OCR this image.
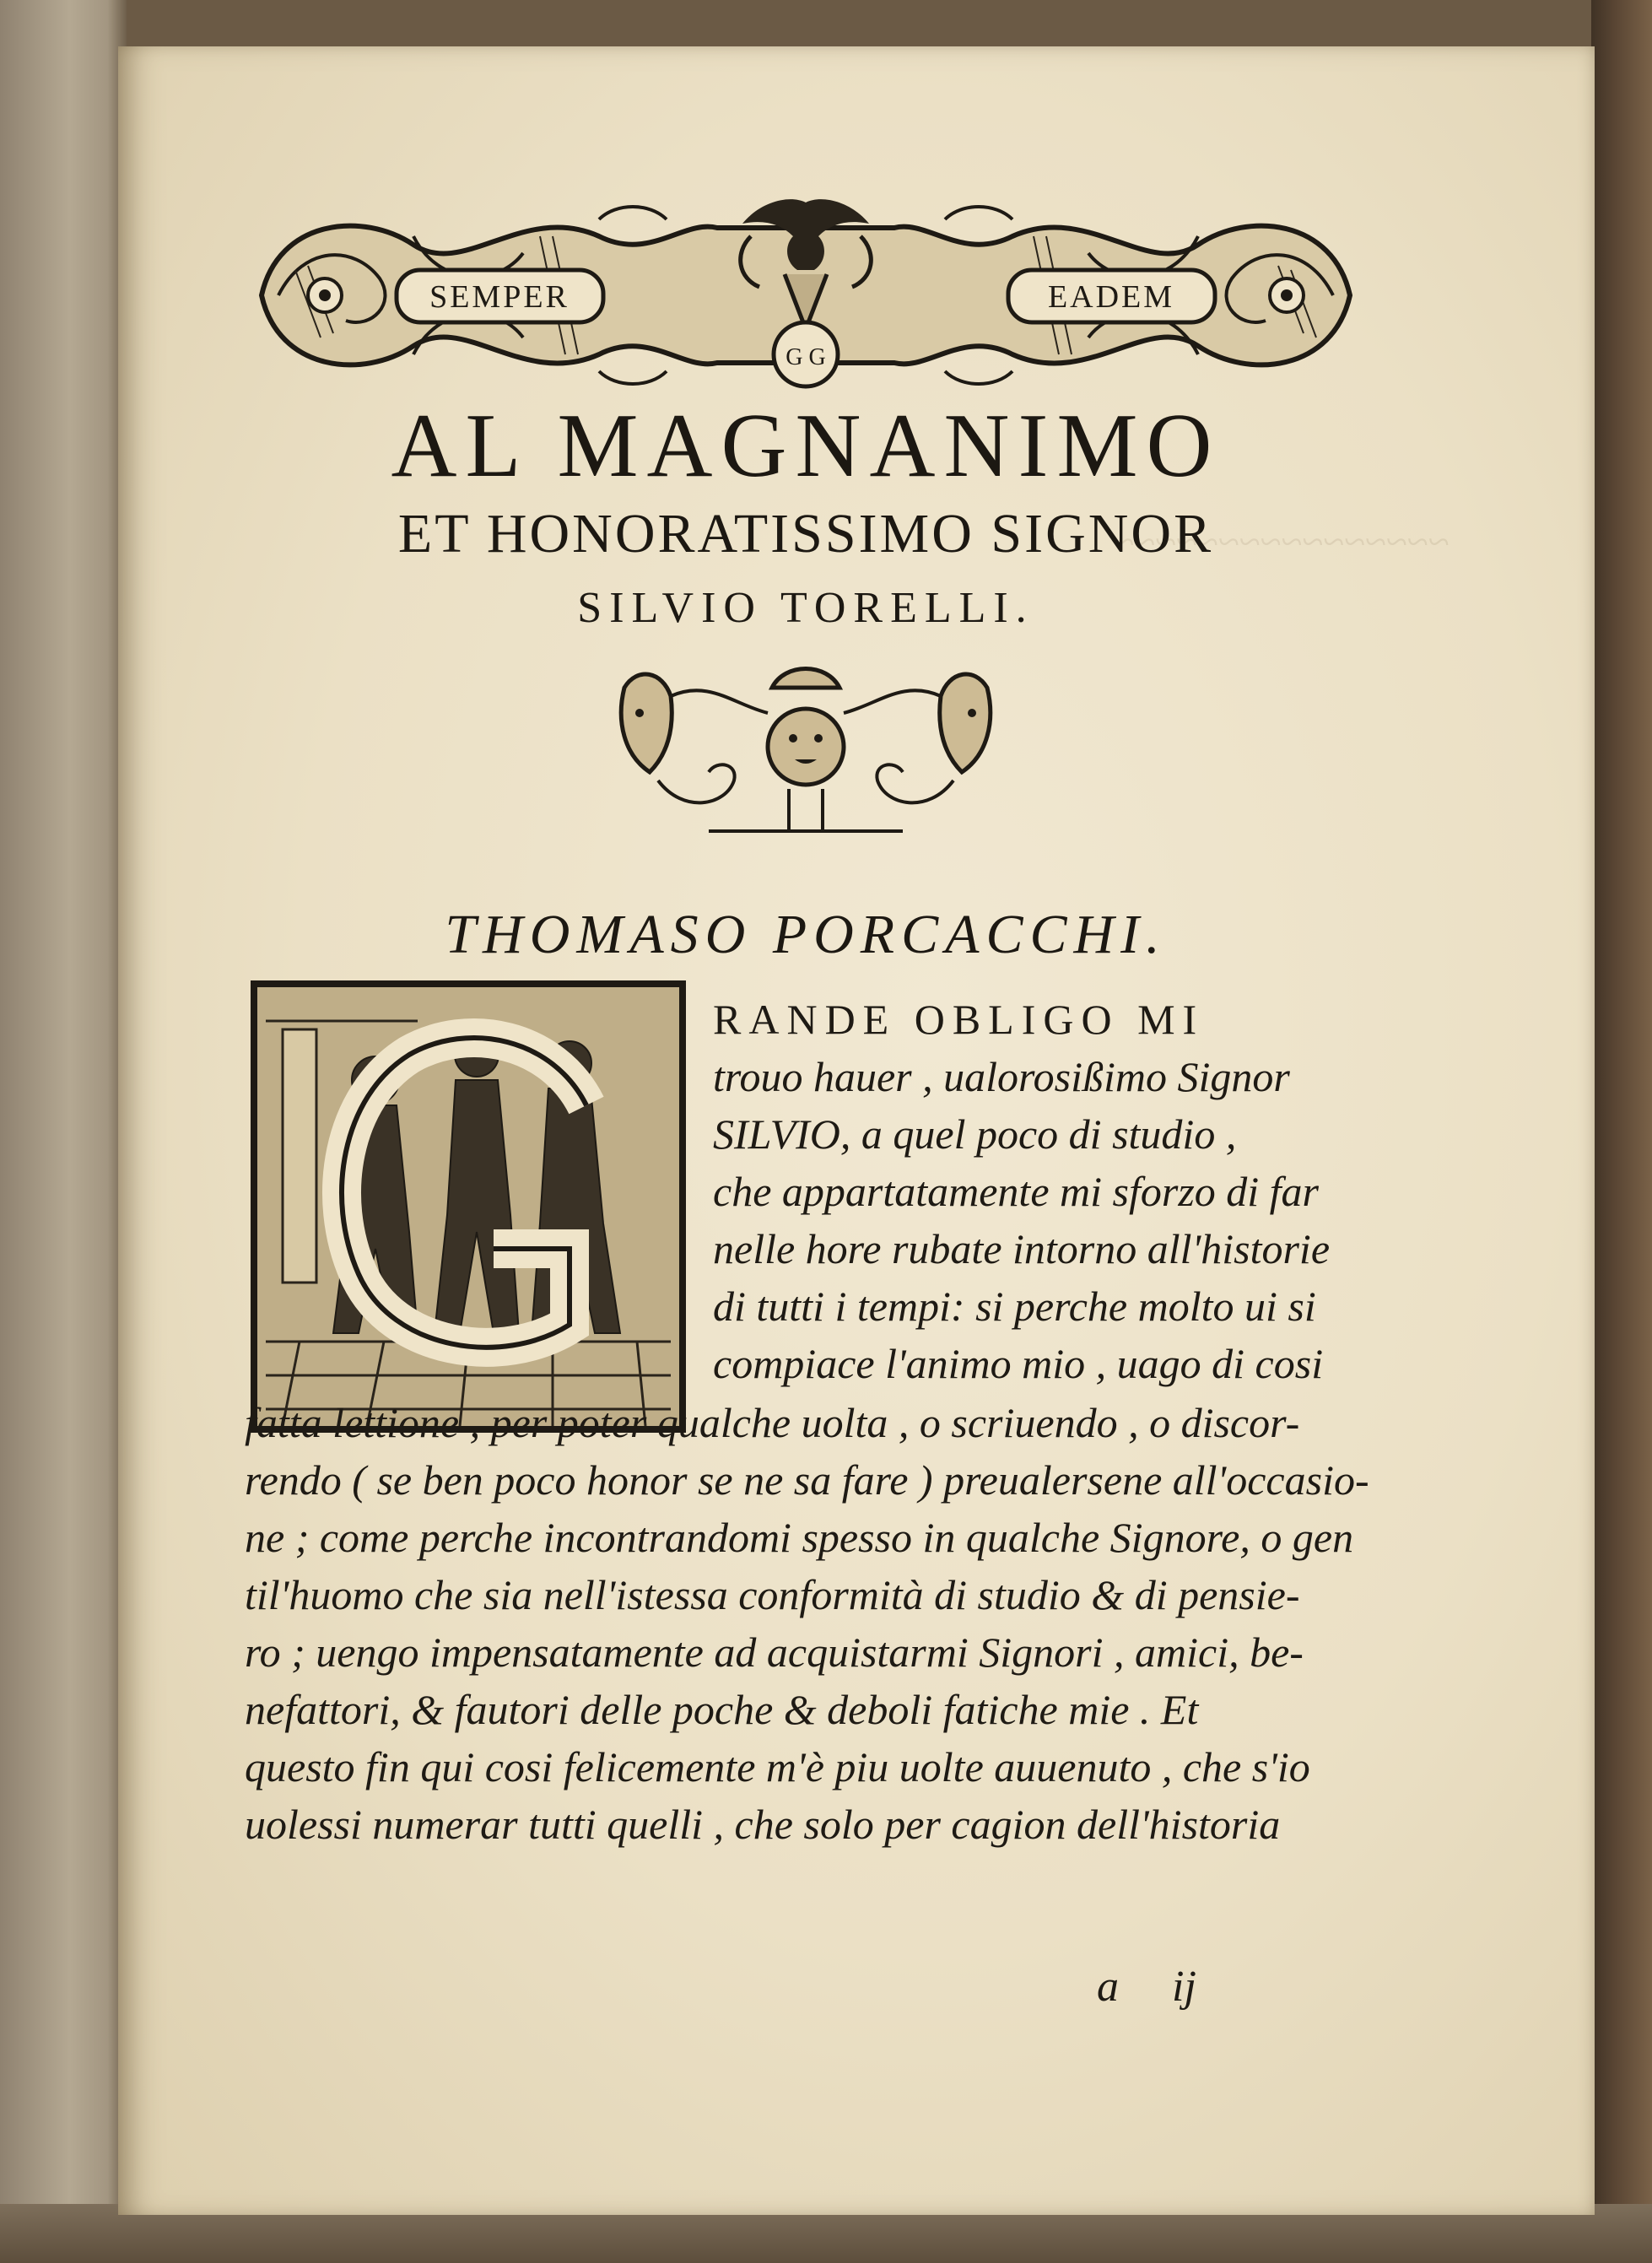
~~~~~~~~~~~~~~~~
SEMPER	EADEM
G G
AL MAGNANIMO
ET HONORATISSIMO SIGNOR
SILVIO TORELLI.
THOMASO PORCACCHI.
RANDE OBLIGO MI
trouo hauer , ualorosißimo Signor
SILVIO, a quel poco di studio ,
che appartatamente mi sforzo di far
nelle hore rubate intorno all'historie
di tutti i tempi: si perche molto ui si
compiace l'animo mio , uago di cosi
fatta lettione , per poter qualche uolta , o scriuendo , o discor-
rendo ( se ben poco honor se ne sa fare ) preualersene all'occasio-
ne ; come perche incontrandomi spesso in qualche Signore, o gen
til'huomo che sia nell'istessa conformità di studio & di pensie-
ro ; uengo impensatamente ad acquistarmi Signori , amici, be-
nefattori, & fautori delle poche & deboli fatiche mie . Et
questo fin qui cosi felicemente m'è piu uolte auuenuto , che s'io
uolessi numerar tutti quelli , che solo per cagion dell'historia
a ij
